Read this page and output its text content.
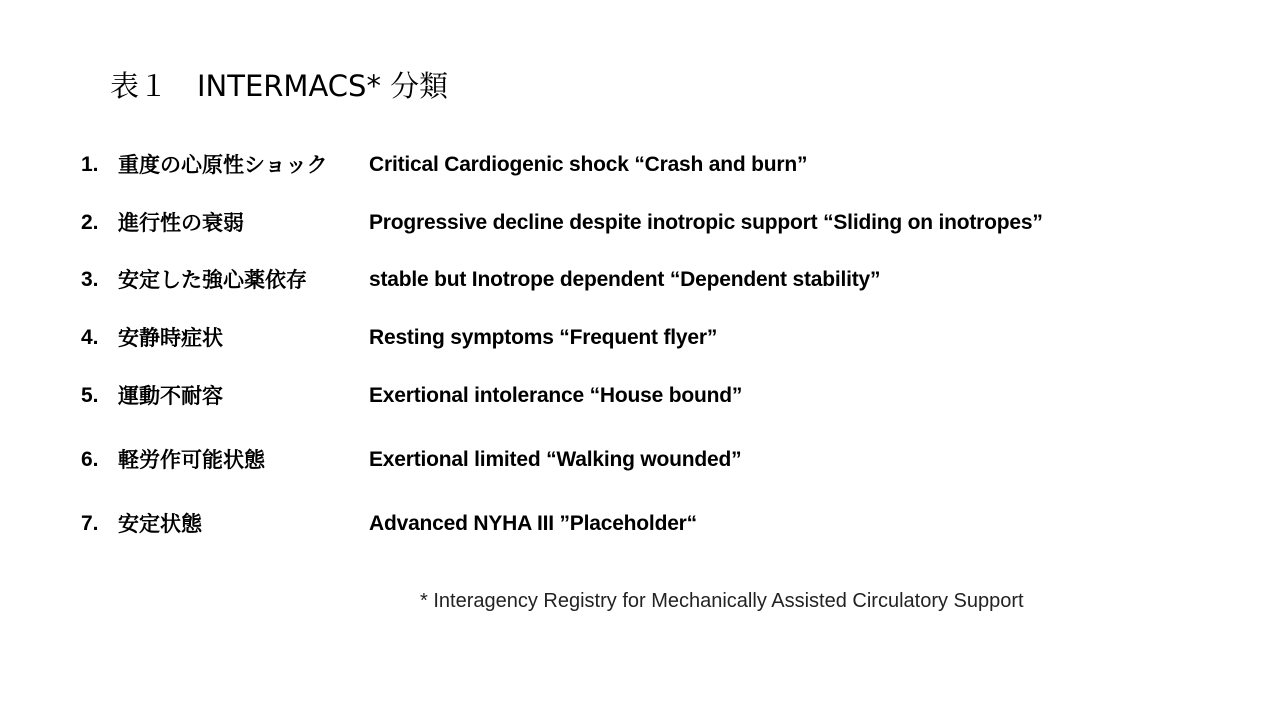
表１　INTERMACS* 分類
1. 重度の心原性ショック Critical Cardiogenic shock “Crash and burn”
2. 進行性の衰弱	Progressive decline despite inotropic support “Sliding on inotropes”
3. 安定した強心薬依存	stable but Inotrope dependent “Dependent stability”
4. 安静時症状	Resting symptoms “Frequent flyer”
5. 運動不耐容	Exertional intolerance “House bound”
6. 軽労作可能状態	Exertional limited “Walking wounded”
7. 安定状態	Advanced NYHA III ”Placeholder“
* Interagency Registry for Mechanically Assisted Circulatory Support
